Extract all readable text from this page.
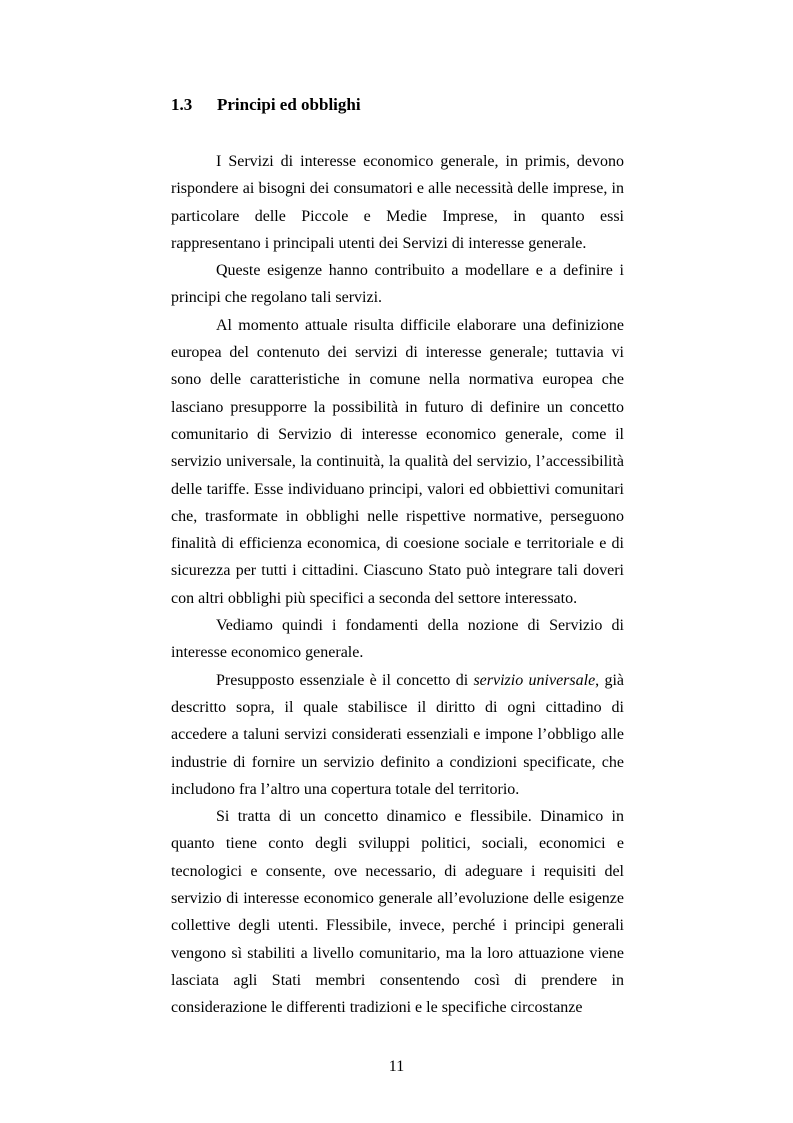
1.3 Principi ed obblighi

I Servizi di interesse economico generale, in primis, devono rispondere ai bisogni dei consumatori e alle necessità delle imprese, in particolare delle Piccole e Medie Imprese, in quanto essi rappresentano i principali utenti dei Servizi di interesse generale.

Queste esigenze hanno contribuito a modellare e a definire i principi che regolano tali servizi.

Al momento attuale risulta difficile elaborare una definizione europea del contenuto dei servizi di interesse generale; tuttavia vi sono delle caratteristiche in comune nella normativa europea che lasciano presupporre la possibilità in futuro di definire un concetto comunitario di Servizio di interesse economico generale, come il servizio universale, la continuità, la qualità del servizio, l’accessibilità delle tariffe. Esse individuano principi, valori ed obbiettivi comunitari che, trasformate in obblighi nelle rispettive normative, perseguono finalità di efficienza economica, di coesione sociale e territoriale e di sicurezza per tutti i cittadini. Ciascuno Stato può integrare tali doveri con altri obblighi più specifici a seconda del settore interessato.

Vediamo quindi i fondamenti della nozione di Servizio di interesse economico generale.

Presupposto essenziale è il concetto di servizio universale, già descritto sopra, il quale stabilisce il diritto di ogni cittadino di accedere a taluni servizi considerati essenziali e impone l’obbligo alle industrie di fornire un servizio definito a condizioni specificate, che includono fra l’altro una copertura totale del territorio.

Si tratta di un concetto dinamico e flessibile. Dinamico in quanto tiene conto degli sviluppi politici, sociali, economici e tecnologici e consente, ove necessario, di adeguare i requisiti del servizio di interesse economico generale all’evoluzione delle esigenze collettive degli utenti. Flessibile, invece, perché i principi generali vengono sì stabiliti a livello comunitario, ma la loro attuazione viene lasciata agli Stati membri consentendo così di prendere in considerazione le differenti tradizioni e le specifiche circostanze

11
